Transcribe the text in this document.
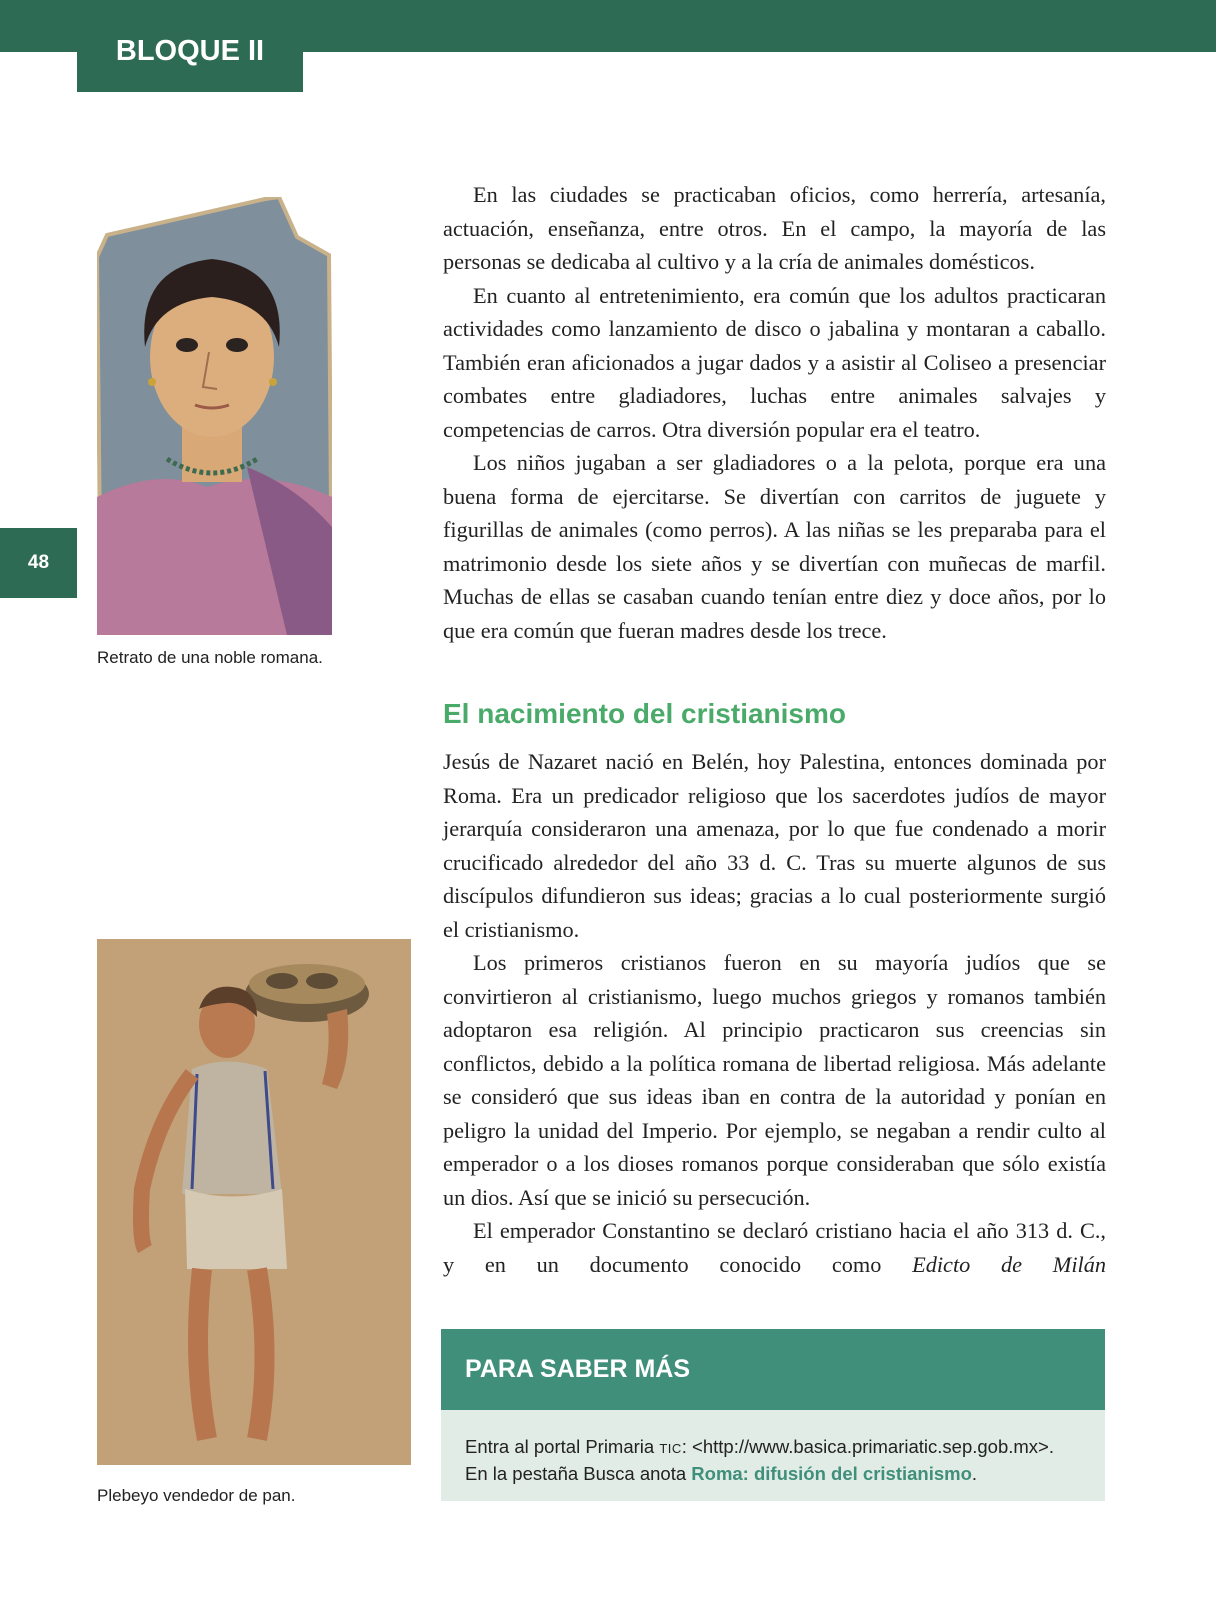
BLOQUE II
48
Retrato de una noble romana.
Plebeyo vendedor de pan.

En las ciudades se practicaban oficios, como herrería, artesanía, actuación, enseñanza, entre otros. En el campo, la mayoría de las personas se dedicaba al cultivo y a la cría de animales domésticos.

En cuanto al entretenimiento, era común que los adultos practicaran actividades como lanzamiento de disco o jabalina y montaran a caballo. También eran aficionados a jugar dados y a asistir al Coliseo a presenciar combates entre gladiadores, luchas entre animales salvajes y competencias de carros. Otra diversión popular era el teatro.

Los niños jugaban a ser gladiadores o a la pelota, porque era una buena forma de ejercitarse. Se divertían con carritos de juguete y figurillas de animales (como perros). A las niñas se les preparaba para el matrimonio desde los siete años y se divertían con muñecas de marfil. Muchas de ellas se casaban cuando tenían entre diez y doce años, por lo que era común que fueran madres desde los trece.

El nacimiento del cristianismo

Jesús de Nazaret nació en Belén, hoy Palestina, entonces dominada por Roma. Era un predicador religioso que los sacerdotes judíos de mayor jerarquía consideraron una amenaza, por lo que fue condenado a morir crucificado alrededor del año 33 d. C. Tras su muerte algunos de sus discípulos difundieron sus ideas; gracias a lo cual posteriormente surgió el cristianismo.

Los primeros cristianos fueron en su mayoría judíos que se convirtieron al cristianismo, luego muchos griegos y romanos también adoptaron esa religión. Al principio practicaron sus creencias sin conflictos, debido a la política romana de libertad religiosa. Más adelante se consideró que sus ideas iban en contra de la autoridad y ponían en peligro la unidad del Imperio. Por ejemplo, se negaban a rendir culto al emperador o a los dioses romanos porque consideraban que sólo existía un dios. Así que se inició su persecución.

El emperador Constantino se declaró cristiano hacia el año 313 d. C., y en un documento conocido como Edicto de Milán

PARA SABER MÁS
Entra al portal Primaria TIC: <http://www.basica.primariatic.sep.gob.mx>. En la pestaña Busca anota Roma: difusión del cristianismo.
